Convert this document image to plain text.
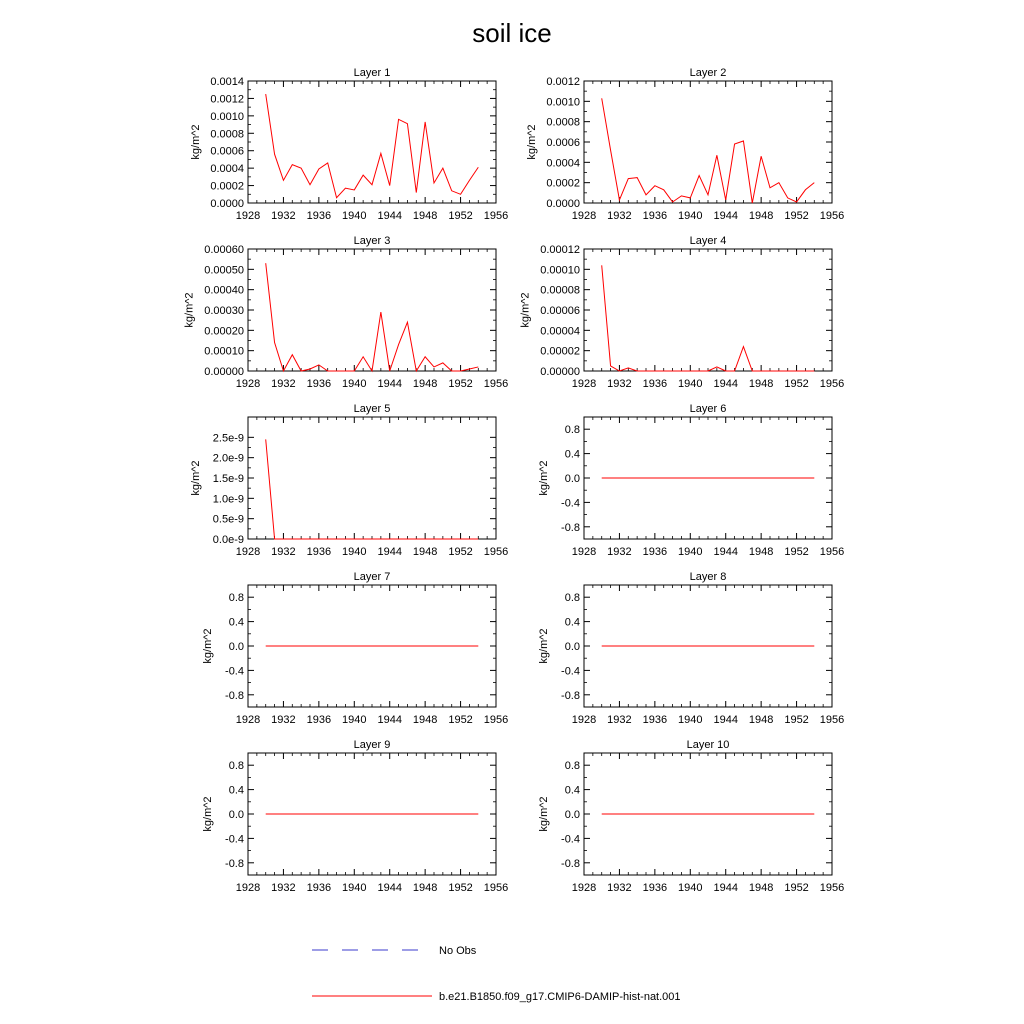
soil ice
Layer 1
1928 1932 1936 1940 1944 1948 1952 1956
0.0000
0.0002
0.0004
0.0006
0.0008
0.0010
0.0012
0.0014
kg/m^2
Layer 2
1928 1932 1936 1940 1944 1948 1952 1956
0.0000
0.0002
0.0004
0.0006
0.0008
0.0010
0.0012
kg/m^2
Layer 3
1928 1932 1936 1940 1944 1948 1952 1956
0.00000
0.00010
0.00020
0.00030
0.00040
0.00050
0.00060
kg/m^2
Layer 4
1928 1932 1936 1940 1944 1948 1952 1956
0.00000
0.00002
0.00004
0.00006
0.00008
0.00010
0.00012
kg/m^2
Layer 5
1928 1932 1936 1940 1944 1948 1952 1956
0.0e-9
0.5e-9
1.0e-9
1.5e-9
2.0e-9
2.5e-9
kg/m^2
Layer 6
1928 1932 1936 1940 1944 1948 1952 1956
-0.8
-0.4
0.0
0.4
0.8
kg/m^2
Layer 7
1928 1932 1936 1940 1944 1948 1952 1956
-0.8
-0.4
0.0
0.4
0.8
kg/m^2
Layer 8
1928 1932 1936 1940 1944 1948 1952 1956
-0.8
-0.4
0.0
0.4
0.8
kg/m^2
Layer 9
1928 1932 1936 1940 1944 1948 1952 1956
-0.8
-0.4
0.0
0.4
0.8
kg/m^2
Layer 10
1928 1932 1936 1940 1944 1948 1952 1956
-0.8
-0.4
0.0
0.4
0.8
kg/m^2
No Obs
b.e21.B1850.f09_g17.CMIP6-DAMIP-hist-nat.001
